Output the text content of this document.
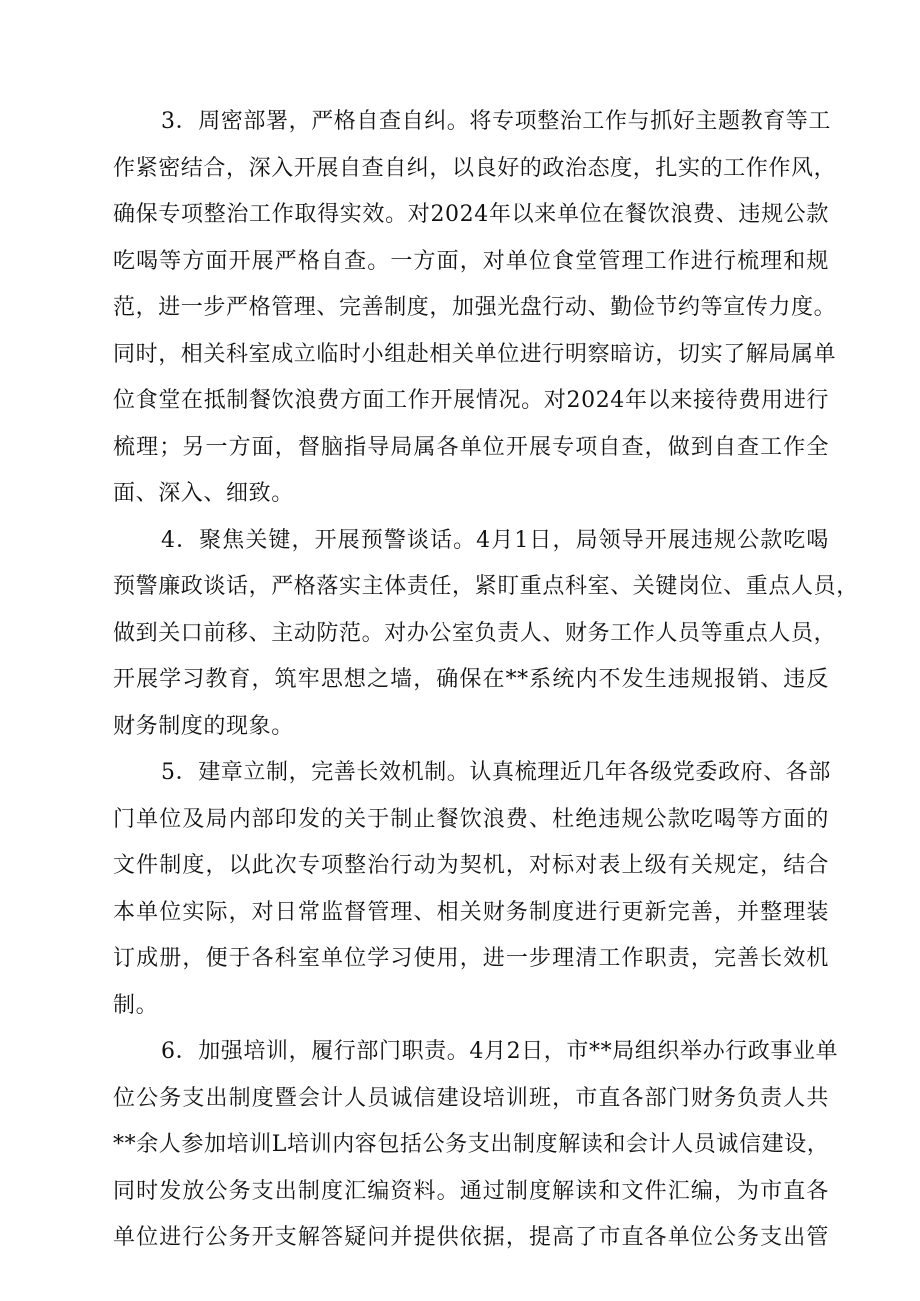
3．周密部署，严格自查自纠。将专项整治工作与抓好主题教育等工
作紧密结合，深入开展自查自纠，以良好的政治态度，扎实的工作作风，
确保专项整治工作取得实效。对2024年以来单位在餐饮浪费、违规公款
吃喝等方面开展严格自查。一方面，对单位食堂管理工作进行梳理和规
范，进一步严格管理、完善制度，加强光盘行动、勤俭节约等宣传力度。
同时，相关科室成立临时小组赴相关单位进行明察暗访，切实了解局属单
位食堂在抵制餐饮浪费方面工作开展情况。对2024年以来接待费用进行
梳理；另一方面，督脑指导局属各单位开展专项自查，做到自查工作全
面、深入、细致。
4．聚焦关键，开展预警谈话。4月1日，局领导开展违规公款吃喝
预警廉政谈话，严格落实主体责任，紧盯重点科室、关键岗位、重点人员，
做到关口前移、主动防范。对办公室负责人、财务工作人员等重点人员，
开展学习教育，筑牢思想之墙，确保在**系统内不发生违规报销、违反
财务制度的现象。
5．建章立制，完善长效机制。认真梳理近几年各级党委政府、各部
门单位及局内部印发的关于制止餐饮浪费、杜绝违规公款吃喝等方面的
文件制度，以此次专项整治行动为契机，对标对表上级有关规定，结合
本单位实际，对日常监督管理、相关财务制度进行更新完善，并整理装
订成册，便于各科室单位学习使用，进一步理清工作职责，完善长效机
制。
6．加强培训，履行部门职责。4月2日，市**局组织举办行政事业单
位公务支出制度暨会计人员诚信建设培训班，市直各部门财务负责人共
**余人参加培训L培训内容包括公务支出制度解读和会计人员诚信建设，
同时发放公务支出制度汇编资料。通过制度解读和文件汇编，为市直各
单位进行公务开支解答疑问并提供依据，提高了市直各单位公务支出管
